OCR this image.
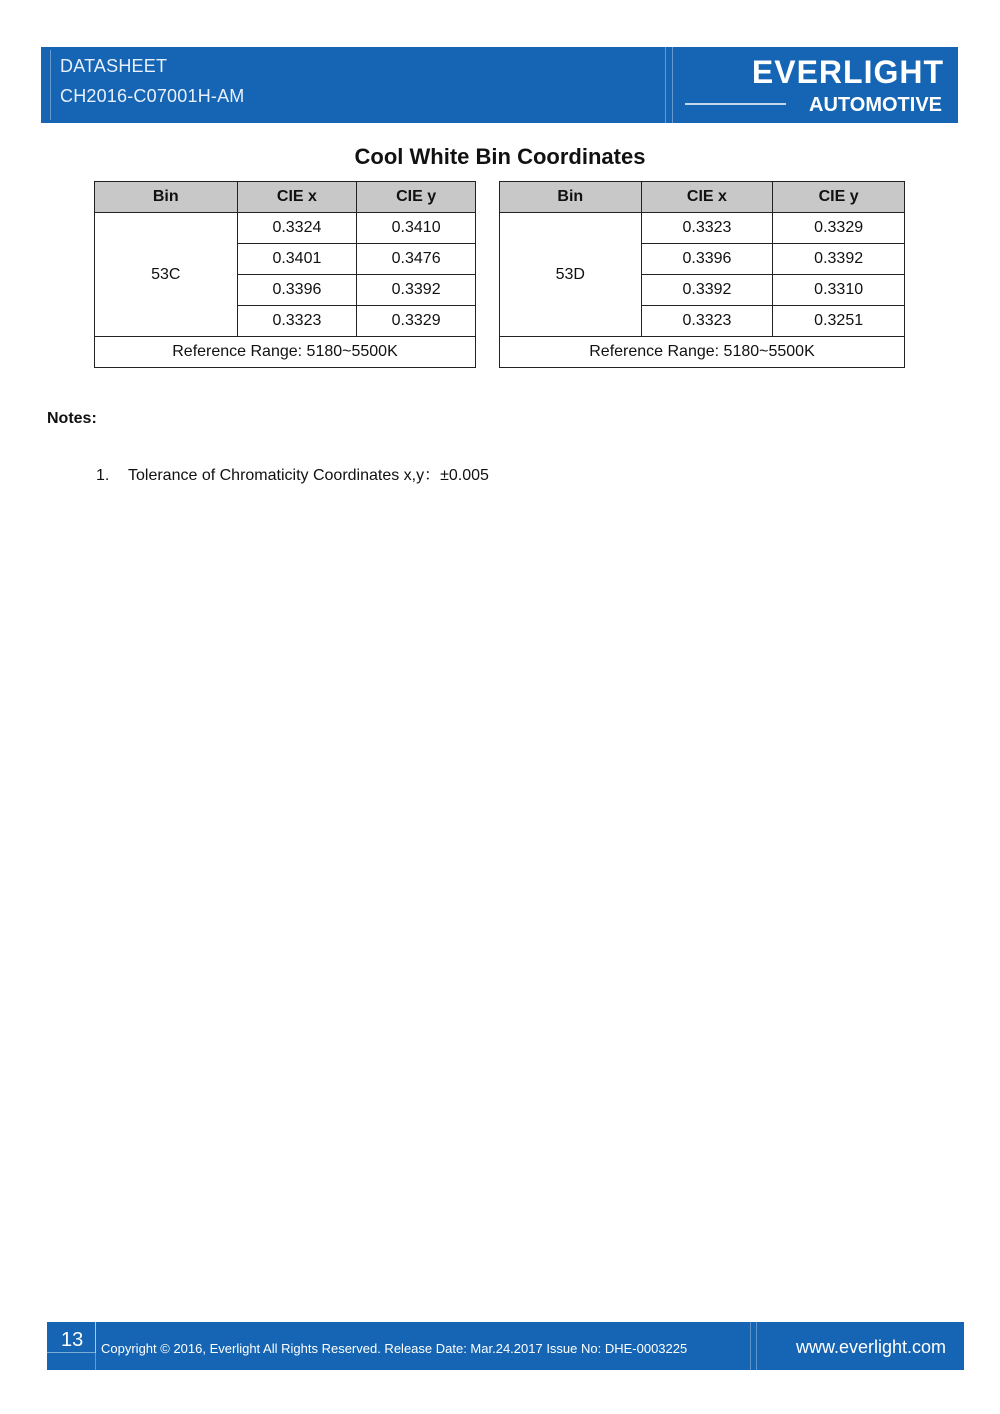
DATASHEET
CH2016-C07001H-AM
EVERLIGHT
AUTOMOTIVE
Cool White Bin Coordinates
Bin	CIE x	CIE y
53C	0.3324	0.3410
	0.3401	0.3476
	0.3396	0.3392
	0.3323	0.3329
Reference Range: 5180~5500K		
Bin	CIE x	CIE y
53D	0.3323	0.3329
	0.3396	0.3392
	0.3392	0.3310
	0.3323	0.3251
Reference Range: 5180~5500K		
Notes:
1. Tolerance of Chromaticity Coordinates x,y：±0.005
13 Copyright © 2016, Everlight All Rights Reserved. Release Date: Mar.24.2017 Issue No: DHE-0003225	www.everlight.com
